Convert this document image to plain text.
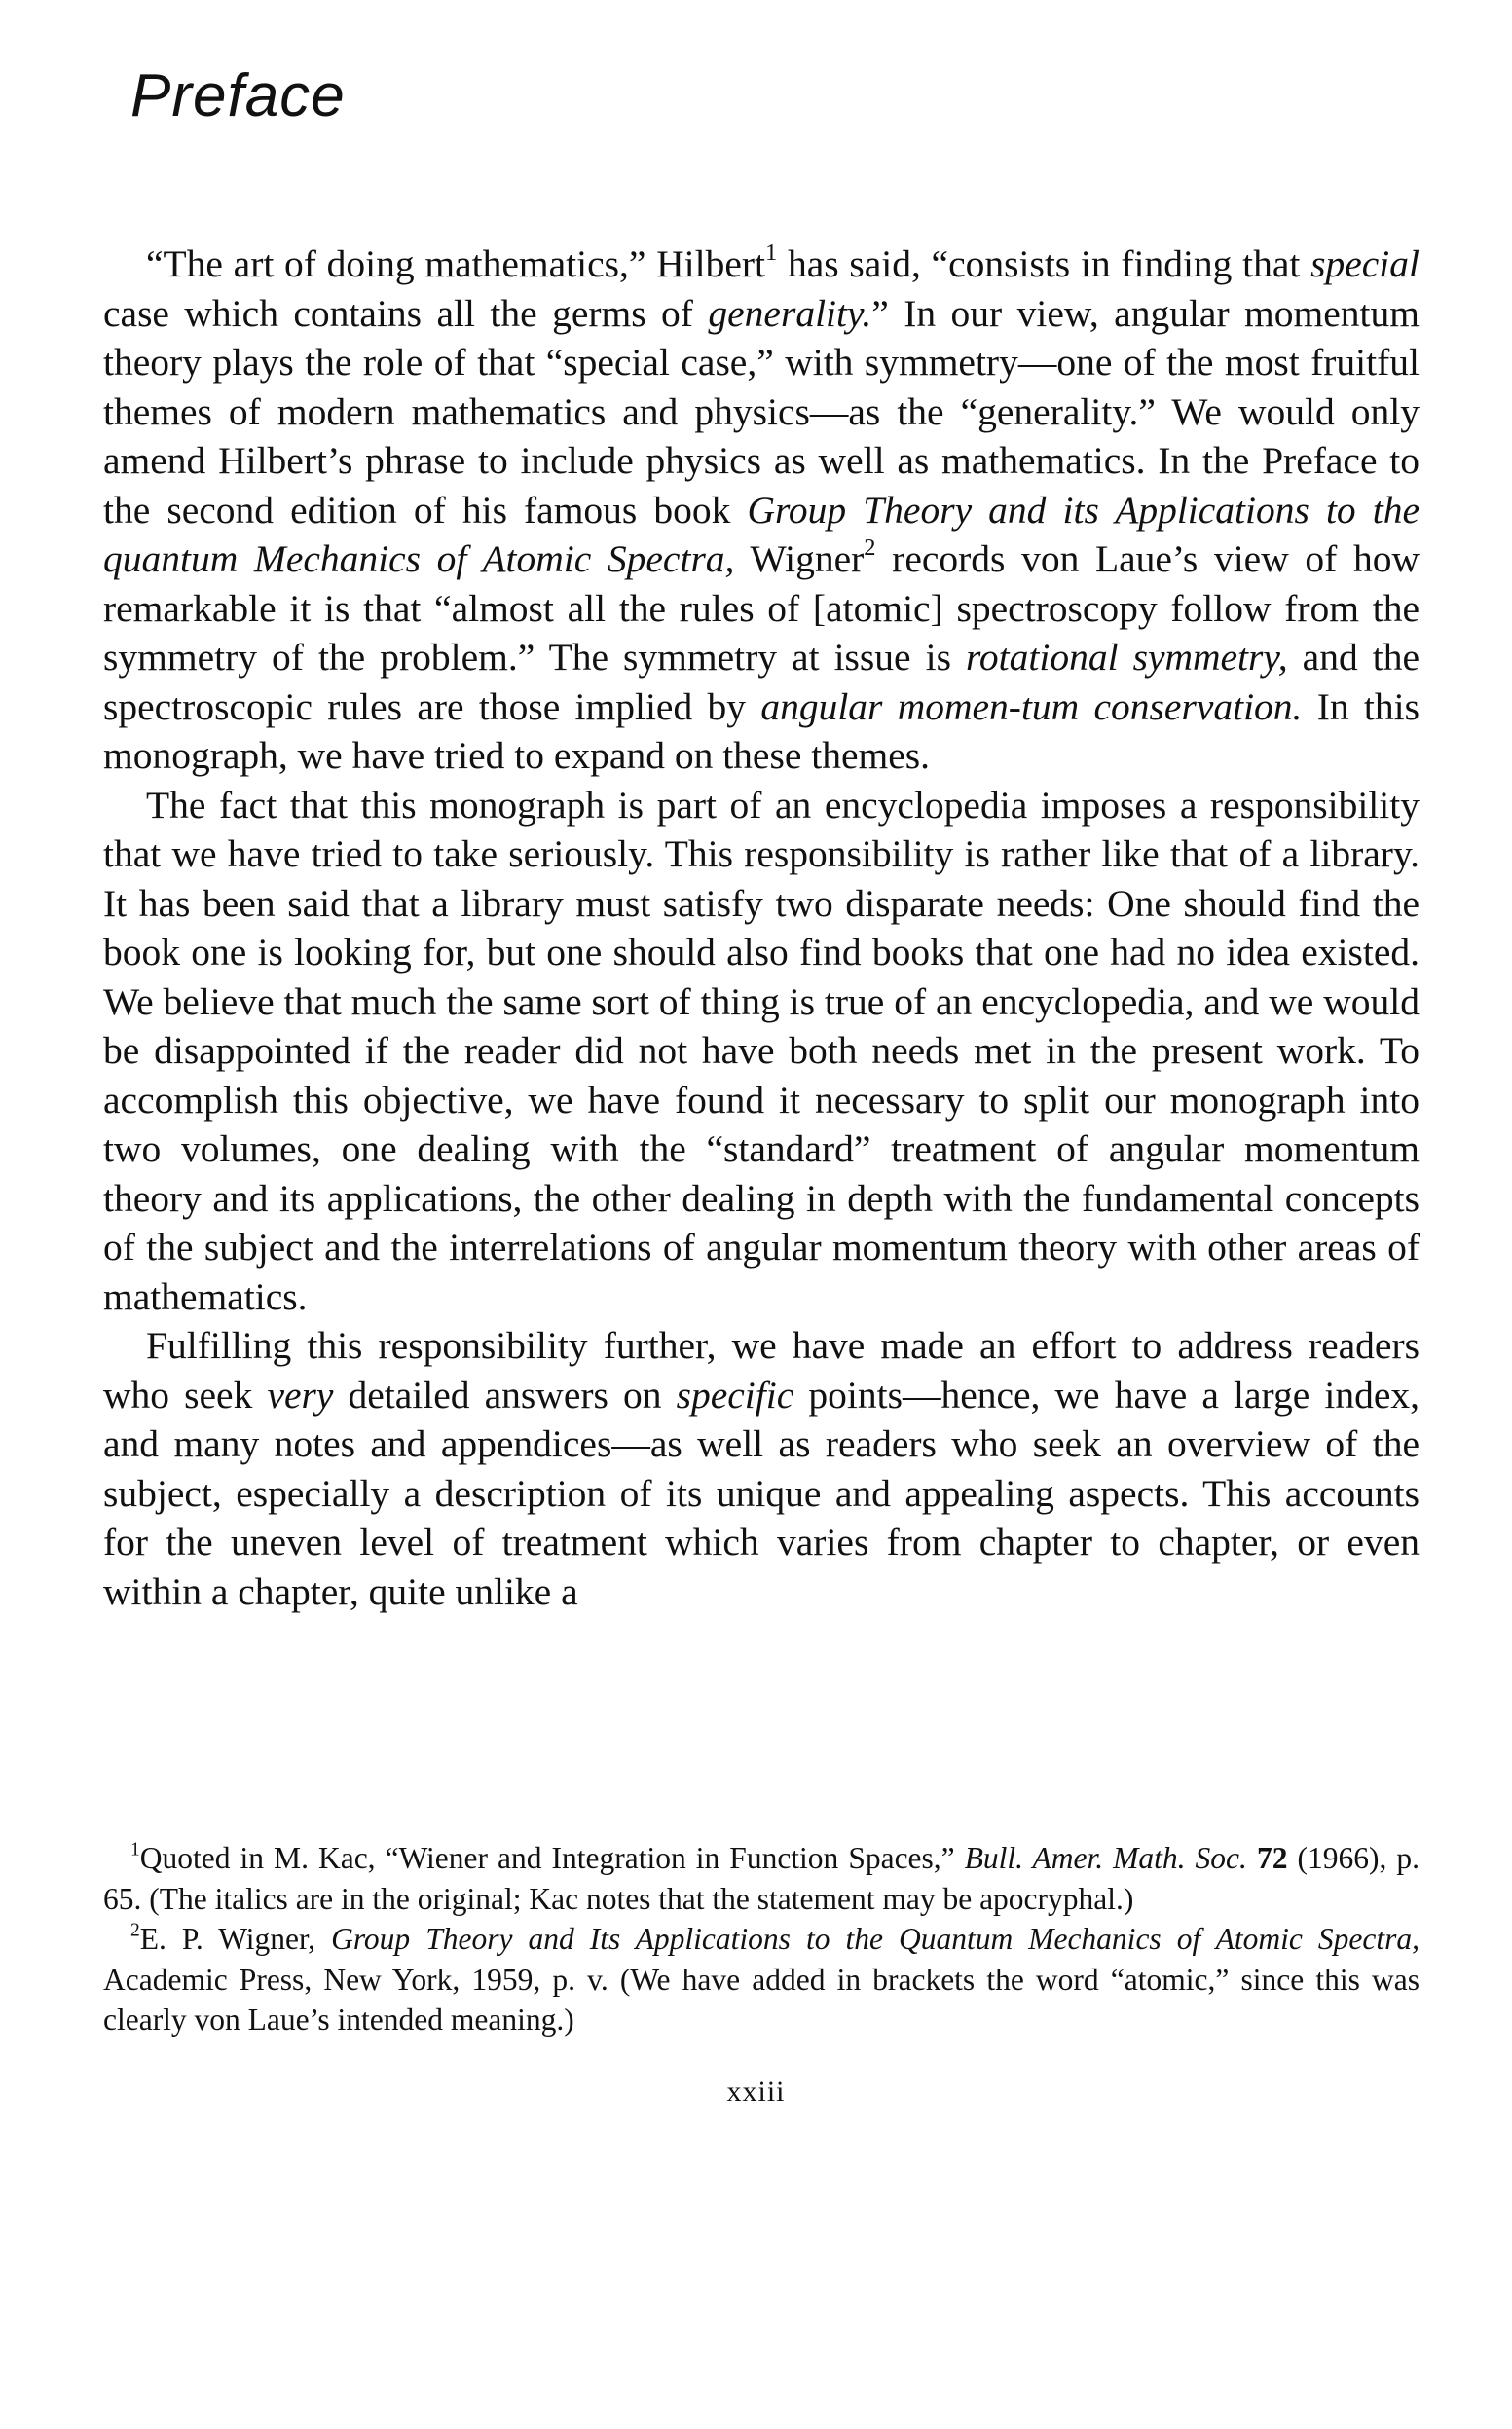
Preface

“The art of doing mathematics,” Hilbert$^1$ has said, “consists in finding that special case which contains all the germs of generality.” In our view, angular momentum theory plays the role of that “special case,” with symmetry—one of the most fruitful themes of modern mathematics and physics—as the “generality.” We would only amend Hilbert’s phrase to include physics as well as mathematics. In the Preface to the second edition of his famous book Group Theory and its Applications to the quantum Mechanics of Atomic Spectra, Wigner$^2$ records von Laue’s view of how remarkable it is that “almost all the rules of [atomic] spectroscopy follow from the symmetry of the problem.” The symmetry at issue is rotational symmetry, and the spectroscopic rules are those implied by angular momen-tum conservation. In this monograph, we have tried to expand on these themes.

The fact that this monograph is part of an encyclopedia imposes a responsibility that we have tried to take seriously. This responsibility is rather like that of a library. It has been said that a library must satisfy two disparate needs: One should find the book one is looking for, but one should also find books that one had no idea existed. We believe that much the same sort of thing is true of an encyclopedia, and we would be disappointed if the reader did not have both needs met in the present work. To accomplish this objective, we have found it necessary to split our monograph into two volumes, one dealing with the “standard” treatment of angular momentum theory and its applications, the other dealing in depth with the fundamental concepts of the subject and the interrelations of angular momentum theory with other areas of mathematics.

Fulfilling this responsibility further, we have made an effort to address readers who seek very detailed answers on specific points—hence, we have a large index, and many notes and appendices—as well as readers who seek an overview of the subject, especially a description of its unique and appealing aspects. This accounts for the uneven level of treatment which varies from chapter to chapter, or even within a chapter, quite unlike a

$^1$Quoted in M. Kac, “Wiener and Integration in Function Spaces,” Bull. Amer. Math. Soc. 72 (1966), p. 65. (The italics are in the original; Kac notes that the statement may be apocryphal.)

$^2$E. P. Wigner, Group Theory and Its Applications to the Quantum Mechanics of Atomic Spectra, Academic Press, New York, 1959, p. v. (We have added in brackets the word “atomic,” since this was clearly von Laue’s intended meaning.)

xxiii
